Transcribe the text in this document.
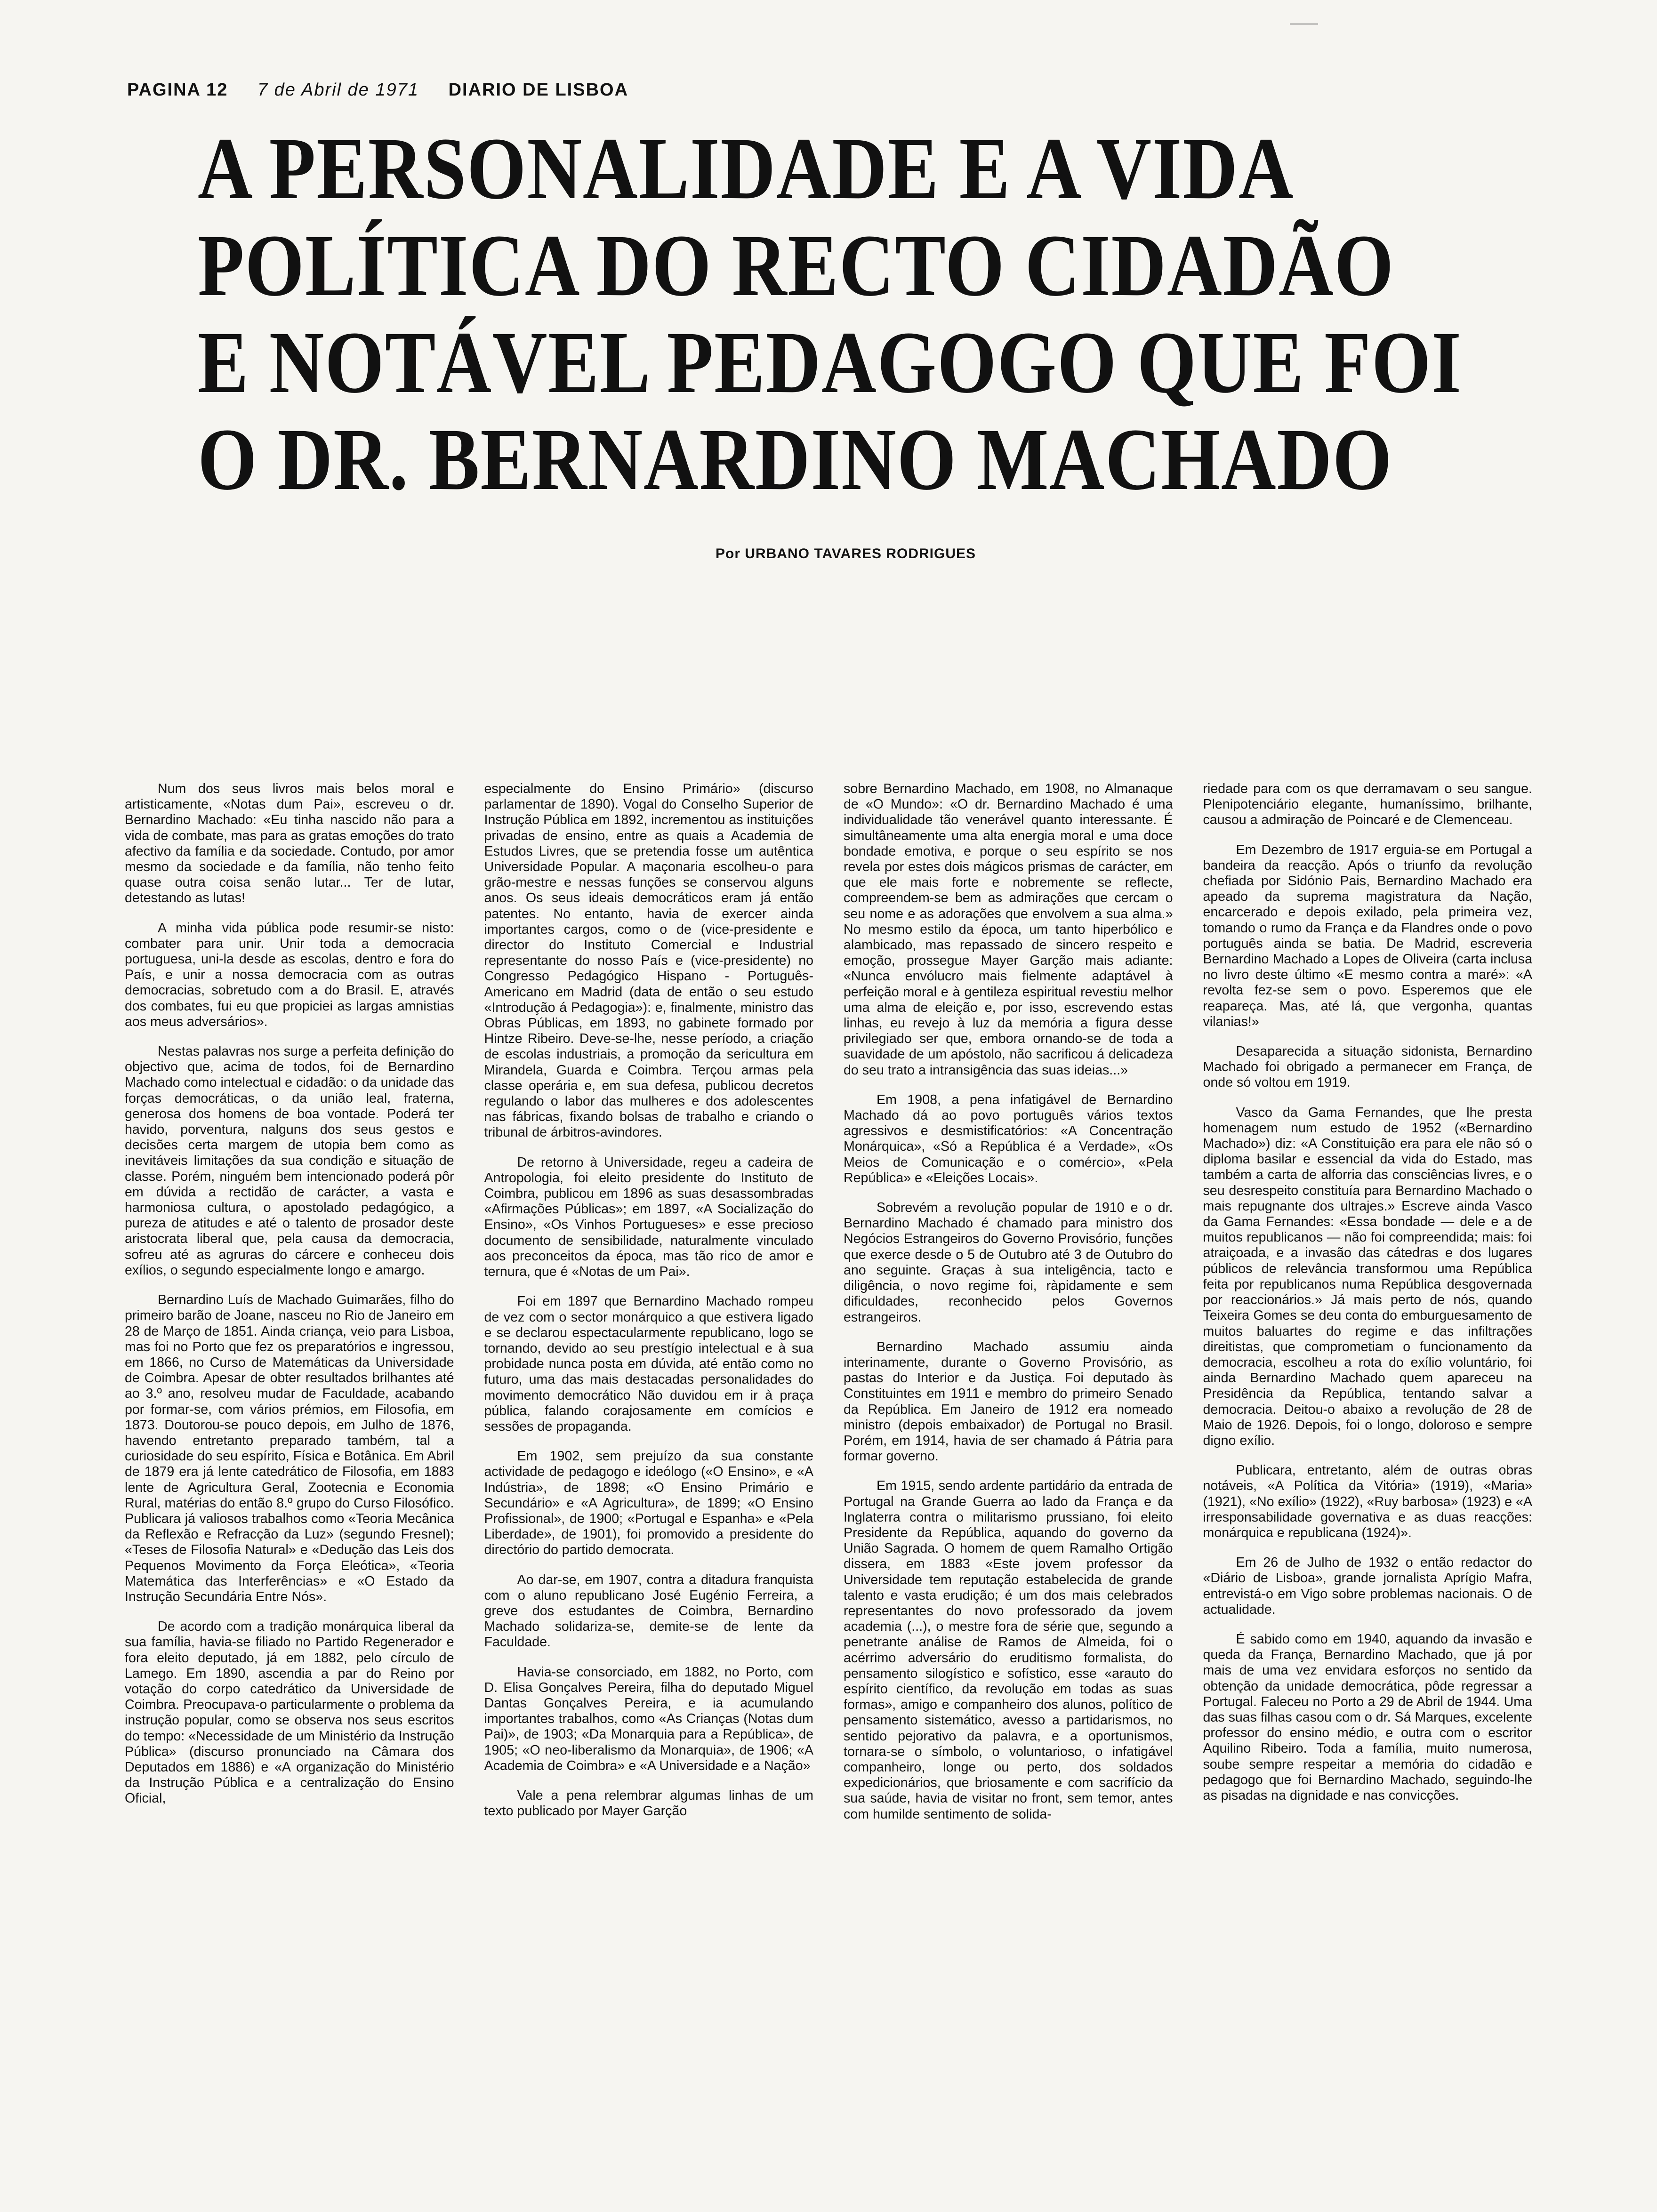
PAGINA 12 7 de Abril de 1971 DIARIO DE LISBOA
A PERSONALIDADE E A VIDA
POLÍTICA DO RECTO CIDADÃO
E NOTÁVEL PEDAGOGO QUE FOI
O DR. BERNARDINO MACHADO
Por URBANO TAVARES RODRIGUES

Num dos seus livros mais belos moral e artisticamente, «Notas dum Pai», escreveu o dr. Bernardino Machado: «Eu tinha nascido não para a vida de combate, mas para as gratas emoções do trato afectivo da família e da sociedade. Contudo, por amor mesmo da sociedade e da família, não tenho feito quase outra coisa senão lutar... Ter de lutar, detestando as lutas!

A minha vida pública pode resumir-se nisto: combater para unir. Unir toda a democracia portuguesa, uni-la desde as escolas, dentro e fora do País, e unir a nossa democracia com as outras democracias, sobretudo com a do Brasil. E, através dos combates, fui eu que propiciei as largas amnistias aos meus adversários».

Nestas palavras nos surge a perfeita definição do objectivo que, acima de todos, foi de Bernardino Machado como intelectual e cidadão: o da unidade das forças democráticas, o da união leal, fraterna, generosa dos homens de boa vontade. Poderá ter havido, porventura, nalguns dos seus gestos e decisões certa margem de utopia bem como as inevitáveis limitações da sua condição e situação de classe. Porém, ninguém bem intencionado poderá pôr em dúvida a rectidão de carácter, a vasta e harmoniosa cultura, o apostolado pedagógico, a pureza de atitudes e até o talento de prosador deste aristocrata liberal que, pela causa da democracia, sofreu até as agruras do cárcere e conheceu dois exílios, o segundo especialmente longo e amargo.

Bernardino Luís de Machado Guimarães, filho do primeiro barão de Joane, nasceu no Rio de Janeiro em 28 de Março de 1851. Ainda criança, veio para Lisboa, mas foi no Porto que fez os preparatórios e ingressou, em 1866, no Curso de Matemáticas da Universidade de Coimbra. Apesar de obter resultados brilhantes até ao 3.º ano, resolveu mudar de Faculdade, acabando por formar-se, com vários prémios, em Filosofia, em 1873. Doutorou-se pouco depois, em Julho de 1876, havendo entretanto preparado também, tal a curiosidade do seu espírito, Física e Botânica. Em Abril de 1879 era já lente catedrático de Filosofia, em 1883 lente de Agricultura Geral, Zootecnia e Economia Rural, matérias do então 8.º grupo do Curso Filosófico. Publicara já valiosos trabalhos como «Teoria Mecânica da Reflexão e Refracção da Luz» (segundo Fresnel); «Teses de Filosofia Natural» e «Dedução das Leis dos Pequenos Movimento da Força Eleótica», «Teoria Matemática das Interferências» e «O Estado da Instrução Secundária Entre Nós».

De acordo com a tradição monárquica liberal da sua família, havia-se filiado no Partido Regenerador e fora eleito deputado, já em 1882, pelo círculo de Lamego. Em 1890, ascendia a par do Reino por votação do corpo catedrático da Universidade de Coimbra. Preocupava-o particularmente o problema da instrução popular, como se observa nos seus escritos do tempo: «Necessidade de um Ministério da Instrução Pública» (discurso pronunciado na Câmara dos Deputados em 1886) e «A organização do Ministério da Instrução Pública e a centralização do Ensino Oficial,

especialmente do Ensino Primário» (discurso parlamentar de 1890). Vogal do Conselho Superior de Instrução Pública em 1892, incrementou as instituições privadas de ensino, entre as quais a Academia de Estudos Livres, que se pretendia fosse um autêntica Universidade Popular. A maçonaria escolheu-o para grão-mestre e nessas funções se conservou alguns anos. Os seus ideais democráticos eram já então patentes. No entanto, havia de exercer ainda importantes cargos, como o de (vice-presidente e director do Instituto Comercial e Industrial representante do nosso País e (vice-presidente) no Congresso Pedagógico Hispano - Português-Americano em Madrid (data de então o seu estudo «Introdução á Pedagogia»): e, finalmente, ministro das Obras Públicas, em 1893, no gabinete formado por Hintze Ribeiro. Deve-se-lhe, nesse período, a criação de escolas industriais, a promoção da sericultura em Mirandela, Guarda e Coimbra. Terçou armas pela classe operária e, em sua defesa, publicou decretos regulando o labor das mulheres e dos adolescentes nas fábricas, fixando bolsas de trabalho e criando o tribunal de árbitros-avindores.

De retorno à Universidade, regeu a cadeira de Antropologia, foi eleito presidente do Instituto de Coimbra, publicou em 1896 as suas desassombradas «Afirmações Públicas»; em 1897, «A Socialização do Ensino», «Os Vinhos Portugueses» e esse precioso documento de sensibilidade, naturalmente vinculado aos preconceitos da época, mas tão rico de amor e ternura, que é «Notas de um Pai».

Foi em 1897 que Bernardino Machado rompeu de vez com o sector monárquico a que estivera ligado e se declarou espectacularmente republicano, logo se tornando, devido ao seu prestígio intelectual e à sua probidade nunca posta em dúvida, até então como no futuro, uma das mais destacadas personalidades do movimento democrático Não duvidou em ir à praça pública, falando corajosamente em comícios e sessões de propaganda.

Em 1902, sem prejuízo da sua constante actividade de pedagogo e ideólogo («O Ensino», e «A Indústria», de 1898; «O Ensino Primário e Secundário» e «A Agricultura», de 1899; «O Ensino Profissional», de 1900; «Portugal e Espanha» e «Pela Liberdade», de 1901), foi promovido a presidente do directório do partido democrata.

Ao dar-se, em 1907, contra a ditadura franquista com o aluno republicano José Eugénio Ferreira, a greve dos estudantes de Coimbra, Bernardino Machado solidariza-se, demite-se de lente da Faculdade.

Havia-se consorciado, em 1882, no Porto, com D. Elisa Gonçalves Pereira, filha do deputado Miguel Dantas Gonçalves Pereira, e ia acumulando importantes trabalhos, como «As Crianças (Notas dum Pai)», de 1903; «Da Monarquia para a República», de 1905; «O neo-liberalismo da Monarquia», de 1906; «A Academia de Coimbra» e «A Universidade e a Nação»

Vale a pena relembrar algumas linhas de um texto publicado por Mayer Garção

sobre Bernardino Machado, em 1908, no Almanaque de «O Mundo»: «O dr. Bernardino Machado é uma individualidade tão venerável quanto interessante. É simultâneamente uma alta energia moral e uma doce bondade emotiva, e porque o seu espírito se nos revela por estes dois mágicos prismas de carácter, em que ele mais forte e nobremente se reflecte, compreendem-se bem as admirações que cercam o seu nome e as adorações que envolvem a sua alma.» No mesmo estilo da época, um tanto hiperbólico e alambicado, mas repassado de sincero respeito e emoção, prossegue Mayer Garção mais adiante: «Nunca envólucro mais fielmente adaptável à perfeição moral e à gentileza espiritual revestiu melhor uma alma de eleição e, por isso, escrevendo estas linhas, eu revejo à luz da memória a figura desse privilegiado ser que, embora ornando-se de toda a suavidade de um apóstolo, não sacrificou á delicadeza do seu trato a intransigência das suas ideias...»

Em 1908, a pena infatigável de Bernardino Machado dá ao povo português vários textos agressivos e desmistificatórios: «A Concentração Monárquica», «Só a República é a Verdade», «Os Meios de Comunicação e o comércio», «Pela República» e «Eleições Locais».

Sobrevém a revolução popular de 1910 e o dr. Bernardino Machado é chamado para ministro dos Negócios Estrangeiros do Governo Provisório, funções que exerce desde o 5 de Outubro até 3 de Outubro do ano seguinte. Graças à sua inteligência, tacto e diligência, o novo regime foi, ràpidamente e sem dificuldades, reconhecido pelos Governos estrangeiros.

Bernardino Machado assumiu ainda interinamente, durante o Governo Provisório, as pastas do Interior e da Justiça. Foi deputado às Constituintes em 1911 e membro do primeiro Senado da República. Em Janeiro de 1912 era nomeado ministro (depois embaixador) de Portugal no Brasil. Porém, em 1914, havia de ser chamado á Pátria para formar governo.

Em 1915, sendo ardente partidário da entrada de Portugal na Grande Guerra ao lado da França e da Inglaterra contra o militarismo prussiano, foi eleito Presidente da República, aquando do governo da União Sagrada. O homem de quem Ramalho Ortigão dissera, em 1883 «Este jovem professor da Universidade tem reputação estabelecida de grande talento e vasta erudição; é um dos mais celebrados representantes do novo professorado da jovem academia (...), o mestre fora de série que, segundo a penetrante análise de Ramos de Almeida, foi o acérrimo adversário do eruditismo formalista, do pensamento silogístico e sofístico, esse «arauto do espírito científico, da revolução em todas as suas formas», amigo e companheiro dos alunos, político de pensamento sistemático, avesso a partidarismos, no sentido pejorativo da palavra, e a oportunismos, tornara-se o símbolo, o voluntarioso, o infatigável companheiro, longe ou perto, dos soldados expedicionários, que briosamente e com sacrifício da sua saúde, havia de visitar no front, sem temor, antes com humilde sentimento de solida-

riedade para com os que derramavam o seu sangue. Plenipotenciário elegante, humaníssimo, brilhante, causou a admiração de Poincaré e de Clemenceau.

Em Dezembro de 1917 erguia-se em Portugal a bandeira da reacção. Após o triunfo da revolução chefiada por Sidónio Pais, Bernardino Machado era apeado da suprema magistratura da Nação, encarcerado e depois exilado, pela primeira vez, tomando o rumo da França e da Flandres onde o povo português ainda se batia. De Madrid, escreveria Bernardino Machado a Lopes de Oliveira (carta inclusa no livro deste último «E mesmo contra a maré»: «A revolta fez-se sem o povo. Esperemos que ele reapareça. Mas, até lá, que vergonha, quantas vilanias!»

Desaparecida a situação sidonista, Bernardino Machado foi obrigado a permanecer em França, de onde só voltou em 1919.

Vasco da Gama Fernandes, que lhe presta homenagem num estudo de 1952 («Bernardino Machado») diz: «A Constituição era para ele não só o diploma basilar e essencial da vida do Estado, mas também a carta de alforria das consciências livres, e o seu desrespeito constituía para Bernardino Machado o mais repugnante dos ultrajes.» Escreve ainda Vasco da Gama Fernandes: «Essa bondade — dele e a de muitos republicanos — não foi compreendida; mais: foi atraiçoada, e a invasão das cátedras e dos lugares públicos de relevância transformou uma República feita por republicanos numa República desgovernada por reaccionários.» Já mais perto de nós, quando Teixeira Gomes se deu conta do emburguesamento de muitos baluartes do regime e das infiltrações direitistas, que comprometiam o funcionamento da democracia, escolheu a rota do exílio voluntário, foi ainda Bernardino Machado quem apareceu na Presidência da República, tentando salvar a democracia. Deitou-o abaixo a revolução de 28 de Maio de 1926. Depois, foi o longo, doloroso e sempre digno exílio.

Publicara, entretanto, além de outras obras notáveis, «A Política da Vitória» (1919), «Maria» (1921), «No exílio» (1922), «Ruy barbosa» (1923) e «A irresponsabilidade governativa e as duas reacções: monárquica e republicana (1924)».

Em 26 de Julho de 1932 o então redactor do «Diário de Lisboa», grande jornalista Aprígio Mafra, entrevistá-o em Vigo sobre problemas nacionais. O de actualidade.

É sabido como em 1940, aquando da invasão e queda da França, Bernardino Machado, que já por mais de uma vez envidara esforços no sentido da obtenção da unidade democrática, pôde regressar a Portugal. Faleceu no Porto a 29 de Abril de 1944. Uma das suas filhas casou com o dr. Sá Marques, excelente professor do ensino médio, e outra com o escritor Aquilino Ribeiro. Toda a família, muito numerosa, soube sempre respeitar a memória do cidadão e pedagogo que foi Bernardino Machado, seguindo-lhe as pisadas na dignidade e nas convicções.
